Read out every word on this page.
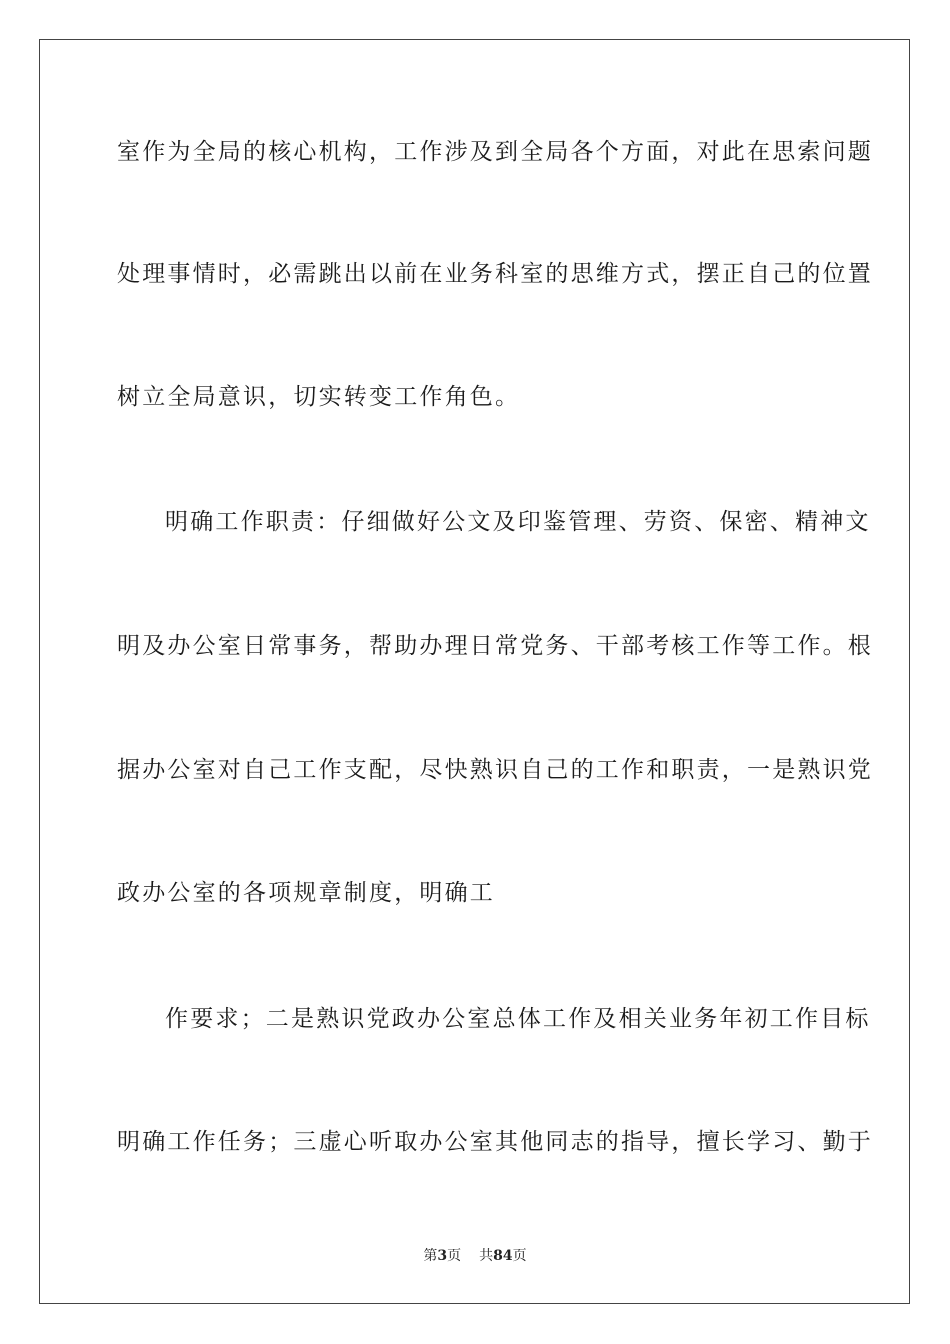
室作为全局的核心机构，工作涉及到全局各个方面，对此在思索问题
处理事情时，必需跳出以前在业务科室的思维方式，摆正自己的位置
树立全局意识，切实转变工作角色。
明确工作职责：仔细做好公文及印鉴管理、劳资、保密、精神文
明及办公室日常事务，帮助办理日常党务、干部考核工作等工作。根
据办公室对自己工作支配，尽快熟识自己的工作和职责，一是熟识党
政办公室的各项规章制度，明确工
作要求；二是熟识党政办公室总体工作及相关业务年初工作目标
明确工作任务；三虚心听取办公室其他同志的指导，擅长学习、勤于
第3页 共84页
